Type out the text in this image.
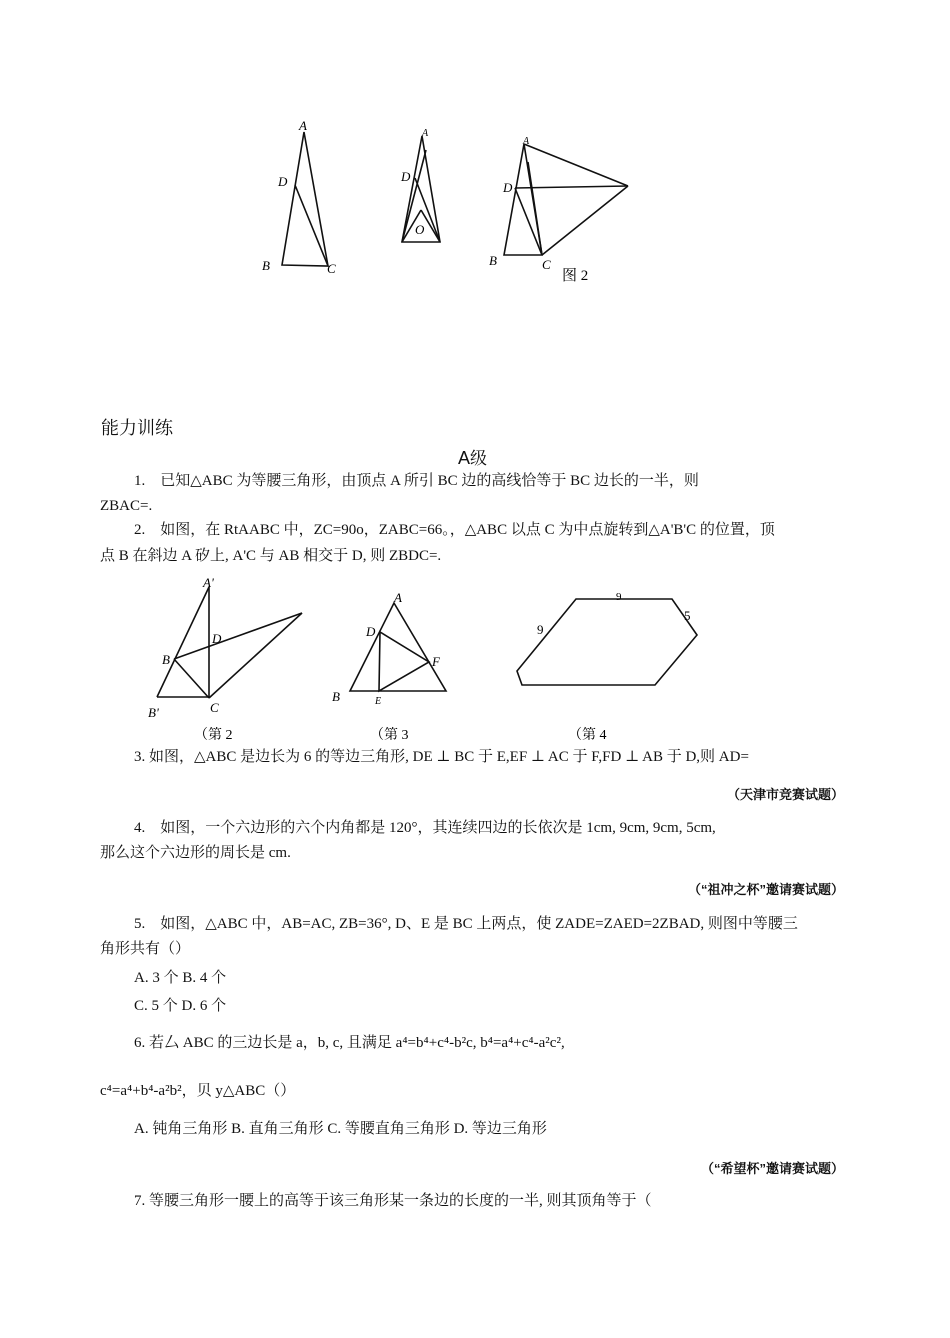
A
D
B	C
A
D
O
A
D
B	C
图 2
能力训练
A级
1.　已知△ABC 为等腰三角形，由顶点 A 所引 BC 边的高线恰等于 BC 边长的一半，则
ZBAC=.
2.　如图，在 RtAABC 中，ZC=90o，ZABC=66。，△ABC 以点 C 为中点旋转到△A'B'C 的位置，顶
点 B 在斜边 A 矽上, A'C 与 AB 相交于 D, 则 ZBDC=.
A'
D
B
B'	C
（第 2
A
D
F
B	E
（第 3
9
9
5
（第 4
3. 如图，△ABC 是边长为 6 的等边三角形, DE ⊥ BC 于 E,EF ⊥ AC 于 F,FD ⊥ AB 于 D,则 AD=
（天津市竞赛试题）
4.　如图，一个六边形的六个内角都是 120°，其连续四边的长依次是 1cm, 9cm, 9cm, 5cm,
那么这个六边形的周长是 cm.
（“祖冲之杯”邀请赛试题）
5.　如图，△ABC 中，AB=AC, ZB=36°, D、E 是 BC 上两点，使 ZADE=ZAED=2ZBAD, 则图中等腰三
角形共有（）
A. 3 个 B. 4 个
C. 5 个 D. 6 个
6. 若厶 ABC 的三边长是 a，b, c, 且满足 a⁴=b⁴+c⁴-b²c, b⁴=a⁴+c⁴-a²c²,
c⁴=a⁴+b⁴-a²b²，贝 y△ABC（）
A. 钝角三角形 B. 直角三角形 C. 等腰直角三角形 D. 等边三角形
（“希望杯”邀请赛试题）
7. 等腰三角形一腰上的高等于该三角形某一条边的长度的一半, 则其顶角等于（
